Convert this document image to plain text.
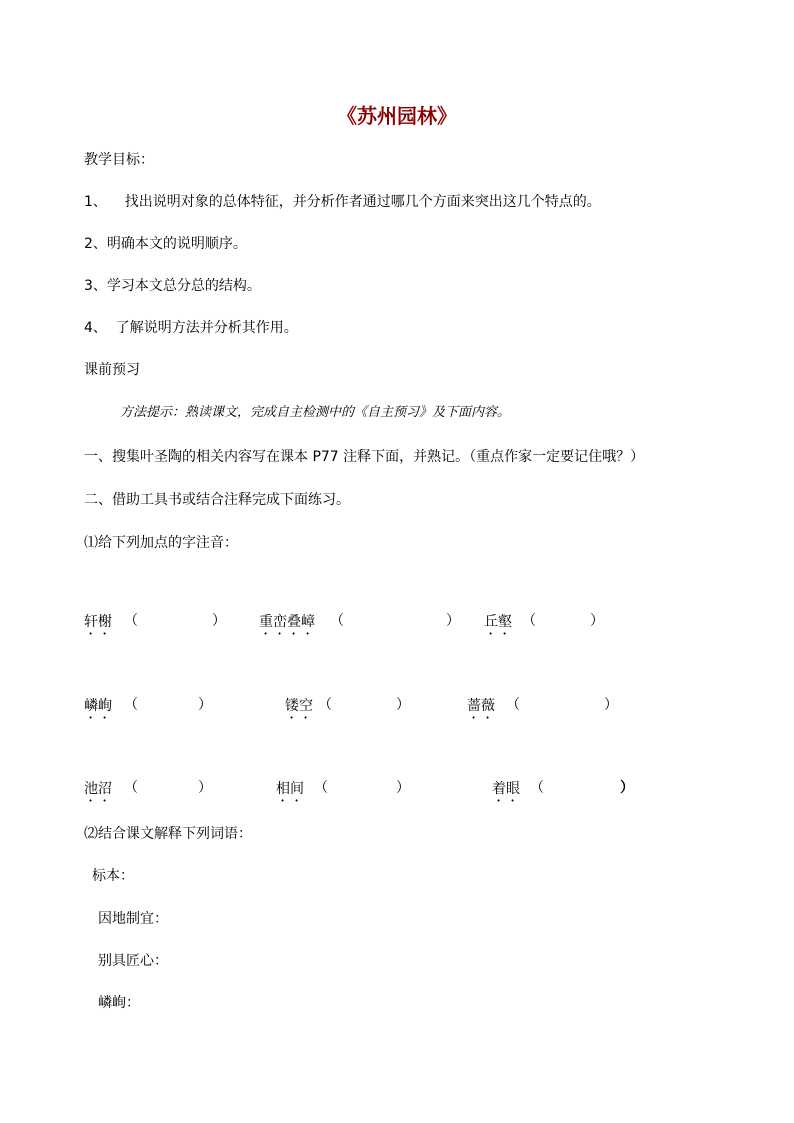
《苏州园林》
教学目标：
1、    找出说明对象的总体特征，并分析作者通过哪几个方面来突出这几个特点的。
2、明确本文的说明顺序。
3、学习本文总分总的结构。
4、  了解说明方法并分析其作用。
课前预习
方法提示：熟读课文，完成自主检测中的《自主预习》及下面内容。
一、搜集叶圣陶的相关内容写在课本 P77 注释下面，并熟记。（重点作家一定要记住哦？）
二、借助工具书或结合注释完成下面练习。
⑴给下列加点的字注音：
轩榭 （	） 重峦叠嶂 （	） 丘壑 （	）
嶙峋 （	）	镂空 （	）	蔷薇 （	）
池沼 （	）	相间 （	）	着眼 （	）
⑵结合课文解释下列词语：
标本：
因地制宜：
别具匠心：
嶙峋：
